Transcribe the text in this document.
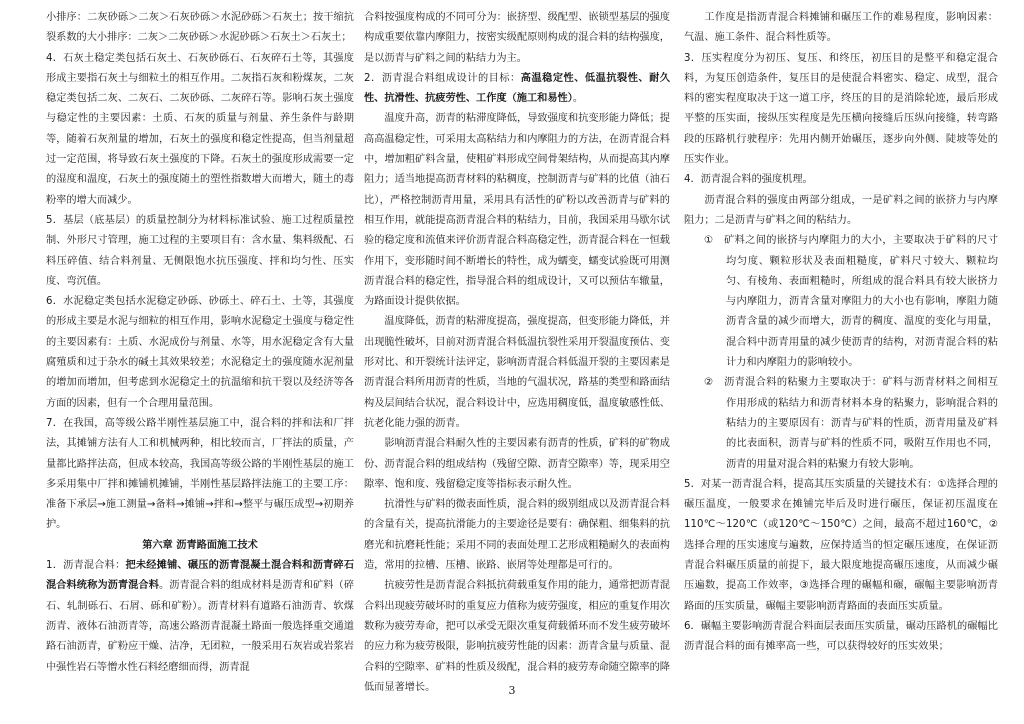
小排序：二灰砂砾＞二灰＞石灰砂砾＞水泥砂砾＞石灰土；按干缩抗裂系数的大小排序：二灰＞二灰砂砾＞水泥砂砾＞石灰土＞石灰土；

4．石灰土稳定类包括石灰土、石灰砂砾石、石灰碎石土等，其强度形成主要指石灰土与细粒土的相互作用。二灰指石灰和粉煤灰，二灰稳定类包括二灰、二灰石、二灰砂砾、二灰碎石等。影响石灰土强度与稳定性的主要因素：土质、石灰的质量与剂量、养生条件与龄期等，随着石灰剂量的增加，石灰土的强度和稳定性提高，但当剂量超过一定范围，将导致石灰土强度的下降。石灰土的强度形成需要一定的湿度和温度，石灰土的强度随土的塑性指数增大而增大，随土的毒粉率的增大而减少。

5．基层（底基层）的质量控制分为材料标准试验、施工过程质量控制、外形尺寸管理，施工过程的主要项目有：含水量、集料级配、石料压碎值、结合料剂量、无侧限饱水抗压强度、拌和均匀性、压实度、弯沉值。

6．水泥稳定类包括水泥稳定砂砾、砂砾土、碎石土、土等，其强度的形成主要是水泥与细粒的相互作用，影响水泥稳定土强度与稳定性的主要因素有：土质、水泥成份与剂量、水等，用水泥稳定含有大量腐殖质和过于杂水的碱土其效果较差；水泥稳定土的强度随水泥剂量的增加而增加，但考虑到水泥稳定土的抗温缩和抗干裂以及经济等各方面的因素，但有一个合理用量范围。

7．在我国，高等级公路半刚性基层施工中，混合料的拌和法和厂拌法，其摊铺方法有人工和机械两种，相比较而言，厂拌法的质量，产量都比路拌法高，但成本较高，我国高等级公路的半刚性基层的施工多采用集中厂拌和摊铺机摊铺，半刚性基层路拌法施工的主要工序：准备下承层→施工测量→备料→摊铺→拌和→整平与碾压成型→初期养护。

第六章 沥青路面施工技术

1．沥青混合料：把未经摊铺、碾压的沥青混凝土混合料和沥青碎石混合料统称为沥青混合料。沥青混合料的组成材料是沥青和矿料（碎石、轧制砾石、石屑、砾和矿粉）。沥青材料有道路石油沥青、软煤沥青、液体石油沥青等，高速公路沥青混凝土路面一般选择重交通道路石油沥青，矿粉应干燥、洁净，无团粒，一般采用石灰岩或岩浆岩中强性岩石等憎水性石料经磨细而得，沥青混

合料按强度构成的不同可分为：嵌挤型、级配型、嵌锁型基层的强度构成重要依靠内摩阻力，按密实级配原则构成的混合料的结构强度，是以沥青与矿料之间的粘结力为主。

2．沥青混合料组成设计的目标：高温稳定性、低温抗裂性、耐久性、抗滑性、抗疲劳性、工作度（施工和易性）。

温度升高，沥青的粘滞度降低，导致强度和抗变形能力降低；提高高温稳定性，可采用太高粘结力和内摩阻力的方法，在沥青混合料中，增加粗矿料含量，使粗矿料形成空间骨架结构，从而提高其内摩阻力；适当地提高沥青材料的粘稠度，控制沥青与矿料的比值（油石比），严格控制沥青用量，采用具有活性的矿粉以改善沥青与矿料的相互作用，就能提高沥青混合料的粘结力，目前，我国采用马歇尔试验的稳定度和流值来评价沥青混合料高稳定性，沥青混合料在一恒载作用下，变形随时间不断增长的特性，成为蠕变，蠕变试验既可用测沥青混合料的稳定性，指导混合料的组成设计，又可以预估车辙量，为路面设计提供依据。

温度降低，沥青的粘滞度提高，强度提高，但变形能力降低，并出现脆性破坏，目前对沥青混合料低温抗裂性采用开裂温度预估、变形对比、和开裂统计法评定，影响沥青混合料低温开裂的主要因素是沥青混合料所用沥青的性质，当地的气温状况，路基的类型和路面结构及层间结合状况，混合料设计中，应选用稠度低，温度敏感性低、抗老化能力强的沥青。

影响沥青混合料耐久性的主要因素有沥青的性质，矿料的矿物成份、沥青混合料的组成结构（残留空隙、沥青空隙率）等，现采用空隙率、饱和度、残留稳定度等指标表示耐久性。

抗滑性与矿料的微表面性质，混合料的级别组成以及沥青混合料的含量有关，提高抗滑能力的主要途径是要有：确保粗、细集料的抗磨光和抗磨耗性能；采用不同的表面处理工艺形成粗糙耐久的表面构造，常用的拉槽、压槽、嵌路、嵌屑等处理都是可行的。

抗疲劳性是沥青混合料抵抗荷载重复作用的能力，通常把沥青混合料出现疲劳破坏时的重复应力值称为疲劳强度，相应的重复作用次数称为疲劳寿命，把可以承受无限次重复荷载循环而不发生疲劳破坏的应力称为疲劳极限，影响抗疲劳性能的因素：沥青含量与质量、混合料的空隙率、矿料的性质及级配，混合料的疲劳寿命随空隙率的降低而显著增长。

工作度是指沥青混合料摊铺和碾压工作的难易程度，影响因素：气温、施工条件、混合料性质等。

3．压实程度分为初压、复压、和终压，初压目的是整平和稳定混合料，为复压创造条件，复压目的是使混合料密实、稳定、成型，混合料的密实程度取决于这一道工序，终压的目的是消除轮迹，最后形成平整的压实面，接纵压实程度是先压横向接缝后压纵向接缝，转弯路段的压路机行驶程序：先用内侧开始碾压，逐步向外侧、陡坡等处的压实作业。

4．沥青混合料的强度机理。

沥青混合料的强度由两部分组成，一是矿料之间的嵌挤力与内摩阻力；二是沥青与矿料之间的粘结力。

①　 矿料之间的嵌挤与内摩阻力的大小，主要取决于矿料的尺寸均匀度、颗粒形状及表面粗糙度，矿料尺寸较大、颗粒均匀、有棱角、表面粗糙时，所组成的混合料具有较大嵌挤力与内摩阻力，沥青含量对摩阻力的大小也有影响，摩阻力随沥青含量的减少而增大，沥青的稠度、温度的变化与用量，混合料中沥青用量的减少使沥青的结构，对沥青混合料的粘计力和内摩阻力的影响较小。

②　 沥青混合料的粘聚力主要取决于：矿料与沥青材料之间相互作用形成的粘结力和沥青材料本身的粘聚力，影响混合料的粘结力的主要原因有：沥青与矿料的性质，沥青用量及矿料的比表面积，沥青与矿料的性质不同，吸附互作用也不同，沥青的用量对混合料的粘聚力有较大影响。

5．对某一沥青混合料，提高其压实质量的关键技术有：①选择合理的碾压温度，一般要求在摊铺完毕后及时进行碾压，保证初压温度在110℃～120℃（或120℃～150℃）之间，最高不超过160℃，②选择合理的压实速度与遍数，应保持适当的恒定碾压速度，在保证沥青混合料碾压质量的前提下，最大限度地提高碾压速度，从而减少碾压遍数，提高工作效率，③选择合理的碾幅和碾，碾幅主要影响沥青路面的压实质量，碾幅主要影响沥青路面的表面压实质量。

6．碾幅主要影响沥青混合料面层表面压实质量，碾动压路机的碾幅比沥青混合料的面有摊率高一些，可以获得较好的压实效果；

3
